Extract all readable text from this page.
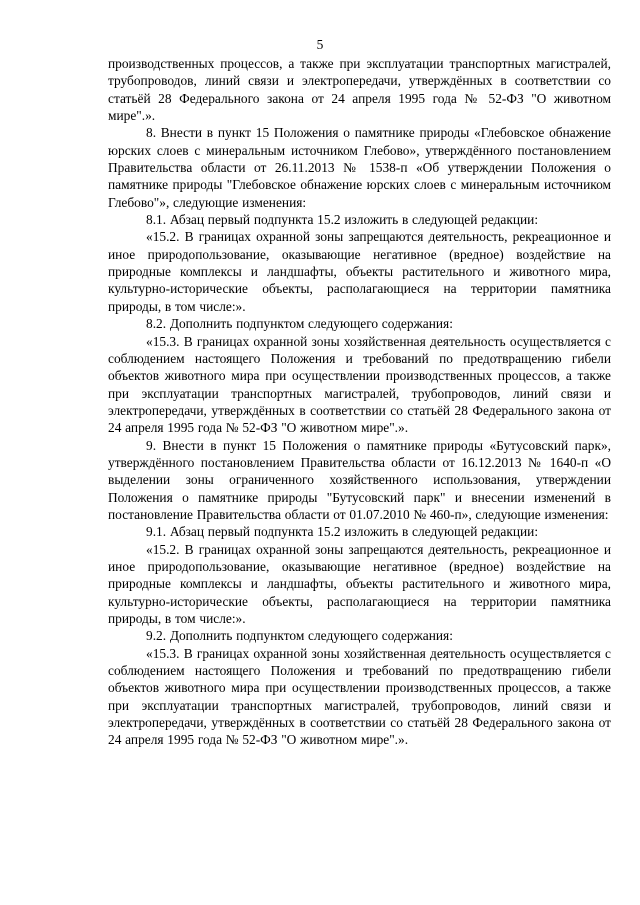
5

производственных процессов, а также при эксплуатации транспортных магистралей, трубопроводов, линий связи и электропередачи, утверждённых в соответствии со статьёй 28 Федерального закона от 24 апреля 1995 года № 52-ФЗ "О животном мире".».

8. Внести в пункт 15 Положения о памятнике природы «Глебовское обнажение юрских слоев с минеральным источником Глебово», утверждённого постановлением Правительства области от 26.11.2013 № 1538-п «Об утверждении Положения о памятнике природы "Глебовское обнажение юрских слоев с минеральным источником Глебово"», следующие изменения:

8.1. Абзац первый подпункта 15.2 изложить в следующей редакции:

«15.2. В границах охранной зоны запрещаются деятельность, рекреационное и иное природопользование, оказывающие негативное (вредное) воздействие на природные комплексы и ландшафты, объекты растительного и животного мира, культурно-исторические объекты, располагающиеся на территории памятника природы, в том числе:».

8.2. Дополнить подпунктом следующего содержания:

«15.3. В границах охранной зоны хозяйственная деятельность осуществляется с соблюдением настоящего Положения и требований по предотвращению гибели объектов животного мира при осуществлении производственных процессов, а также при эксплуатации транспортных магистралей, трубопроводов, линий связи и электропередачи, утверждённых в соответствии со статьёй 28 Федерального закона от 24 апреля 1995 года № 52-ФЗ "О животном мире".».

9. Внести в пункт 15 Положения о памятнике природы «Бутусовский парк», утверждённого постановлением Правительства области от 16.12.2013 № 1640-п «О выделении зоны ограниченного хозяйственного использования, утверждении Положения о памятнике природы "Бутусовский парк" и внесении изменений в постановление Правительства области от 01.07.2010 № 460-п», следующие изменения:

9.1. Абзац первый подпункта 15.2 изложить в следующей редакции:

«15.2. В границах охранной зоны запрещаются деятельность, рекреационное и иное природопользование, оказывающие негативное (вредное) воздействие на природные комплексы и ландшафты, объекты растительного и животного мира, культурно-исторические объекты, располагающиеся на территории памятника природы, в том числе:».

9.2. Дополнить подпунктом следующего содержания:

«15.3. В границах охранной зоны хозяйственная деятельность осуществляется с соблюдением настоящего Положения и требований по предотвращению гибели объектов животного мира при осуществлении производственных процессов, а также при эксплуатации транспортных магистралей, трубопроводов, линий связи и электропередачи, утверждённых в соответствии со статьёй 28 Федерального закона от 24 апреля 1995 года № 52-ФЗ "О животном мире".».
